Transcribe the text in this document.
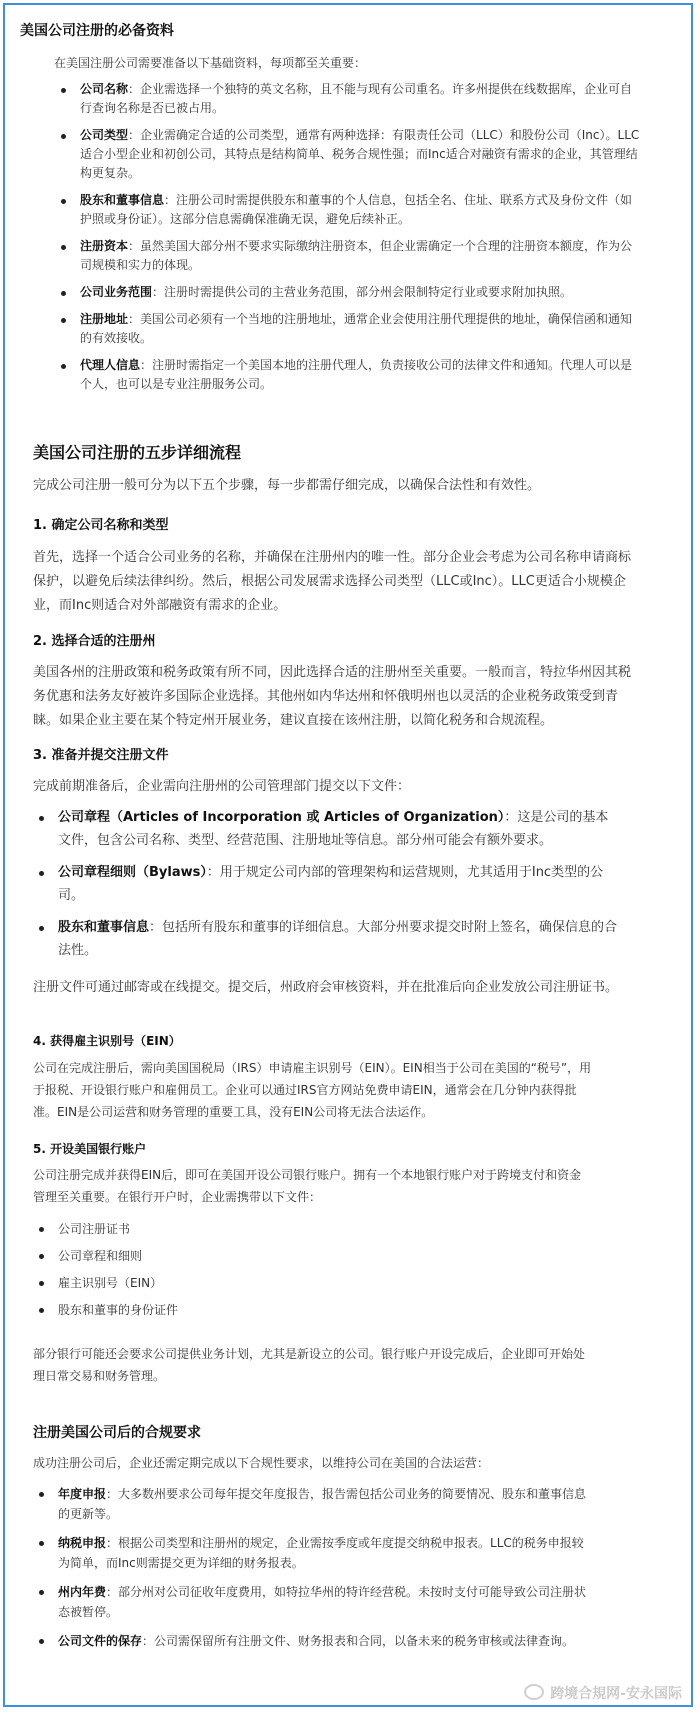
美国公司注册的必备资料

在美国注册公司需要准备以下基础资料，每项都至关重要：

公司名称：企业需选择一个独特的英文名称，且不能与现有公司重名。许多州提供在线数据库，企业可自行查询名称是否已被占用。
公司类型：企业需确定合适的公司类型，通常有两种选择：有限责任公司（LLC）和股份公司（Inc）。LLC适合小型企业和初创公司，其特点是结构简单、税务合规性强；而Inc适合对融资有需求的企业，其管理结构更复杂。
股东和董事信息：注册公司时需提供股东和董事的个人信息，包括全名、住址、联系方式及身份文件（如护照或身份证）。这部分信息需确保准确无误，避免后续补正。
注册资本：虽然美国大部分州不要求实际缴纳注册资本，但企业需确定一个合理的注册资本额度，作为公司规模和实力的体现。
公司业务范围：注册时需提供公司的主营业务范围，部分州会限制特定行业或要求附加执照。
注册地址：美国公司必须有一个当地的注册地址，通常企业会使用注册代理提供的地址，确保信函和通知的有效接收。
代理人信息：注册时需指定一个美国本地的注册代理人，负责接收公司的法律文件和通知。代理人可以是个人，也可以是专业注册服务公司。
美国公司注册的五步详细流程

完成公司注册一般可分为以下五个步骤，每一步都需仔细完成，以确保合法性和有效性。

1. 确定公司名称和类型

首先，选择一个适合公司业务的名称，并确保在注册州内的唯一性。部分企业会考虑为公司名称申请商标保护，以避免后续法律纠纷。然后，根据公司发展需求选择公司类型（LLC或Inc）。LLC更适合小规模企业，而Inc则适合对外部融资有需求的企业。

2. 选择合适的注册州

美国各州的注册政策和税务政策有所不同，因此选择合适的注册州至关重要。一般而言，特拉华州因其税务优惠和法务友好被许多国际企业选择。其他州如内华达州和怀俄明州也以灵活的企业税务政策受到青睐。如果企业主要在某个特定州开展业务，建议直接在该州注册，以简化税务和合规流程。

3. 准备并提交注册文件

完成前期准备后，企业需向注册州的公司管理部门提交以下文件：

公司章程（Articles of Incorporation 或 Articles of Organization）：这是公司的基本文件，包含公司名称、类型、经营范围、注册地址等信息。部分州可能会有额外要求。
公司章程细则（Bylaws）：用于规定公司内部的管理架构和运营规则，尤其适用于Inc类型的公司。
股东和董事信息：包括所有股东和董事的详细信息。大部分州要求提交时附上签名，确保信息的合法性。

注册文件可通过邮寄或在线提交。提交后，州政府会审核资料，并在批准后向企业发放公司注册证书。

4. 获得雇主识别号（EIN）

公司在完成注册后，需向美国国税局（IRS）申请雇主识别号（EIN）。EIN相当于公司在美国的“税号”，用于报税、开设银行账户和雇佣员工。企业可以通过IRS官方网站免费申请EIN，通常会在几分钟内获得批准。EIN是公司运营和财务管理的重要工具，没有EIN公司将无法合法运作。

5. 开设美国银行账户

公司注册完成并获得EIN后，即可在美国开设公司银行账户。拥有一个本地银行账户对于跨境支付和资金管理至关重要。在银行开户时，企业需携带以下文件：

公司注册证书
公司章程和细则
雇主识别号（EIN）
股东和董事的身份证件

部分银行可能还会要求公司提供业务计划，尤其是新设立的公司。银行账户开设完成后，企业即可开始处理日常交易和财务管理。

注册美国公司后的合规要求

成功注册公司后，企业还需定期完成以下合规性要求，以维持公司在美国的合法运营：

年度申报：大多数州要求公司每年提交年度报告，报告需包括公司业务的简要情况、股东和董事信息的更新等。
纳税申报：根据公司类型和注册州的规定，企业需按季度或年度提交纳税申报表。LLC的税务申报较为简单，而Inc则需提交更为详细的财务报表。
州内年费：部分州对公司征收年度费用，如特拉华州的特许经营税。未按时支付可能导致公司注册状态被暂停。
公司文件的保存：公司需保留所有注册文件、财务报表和合同，以备未来的税务审核或法律查询。
跨境合規网-安永国际
